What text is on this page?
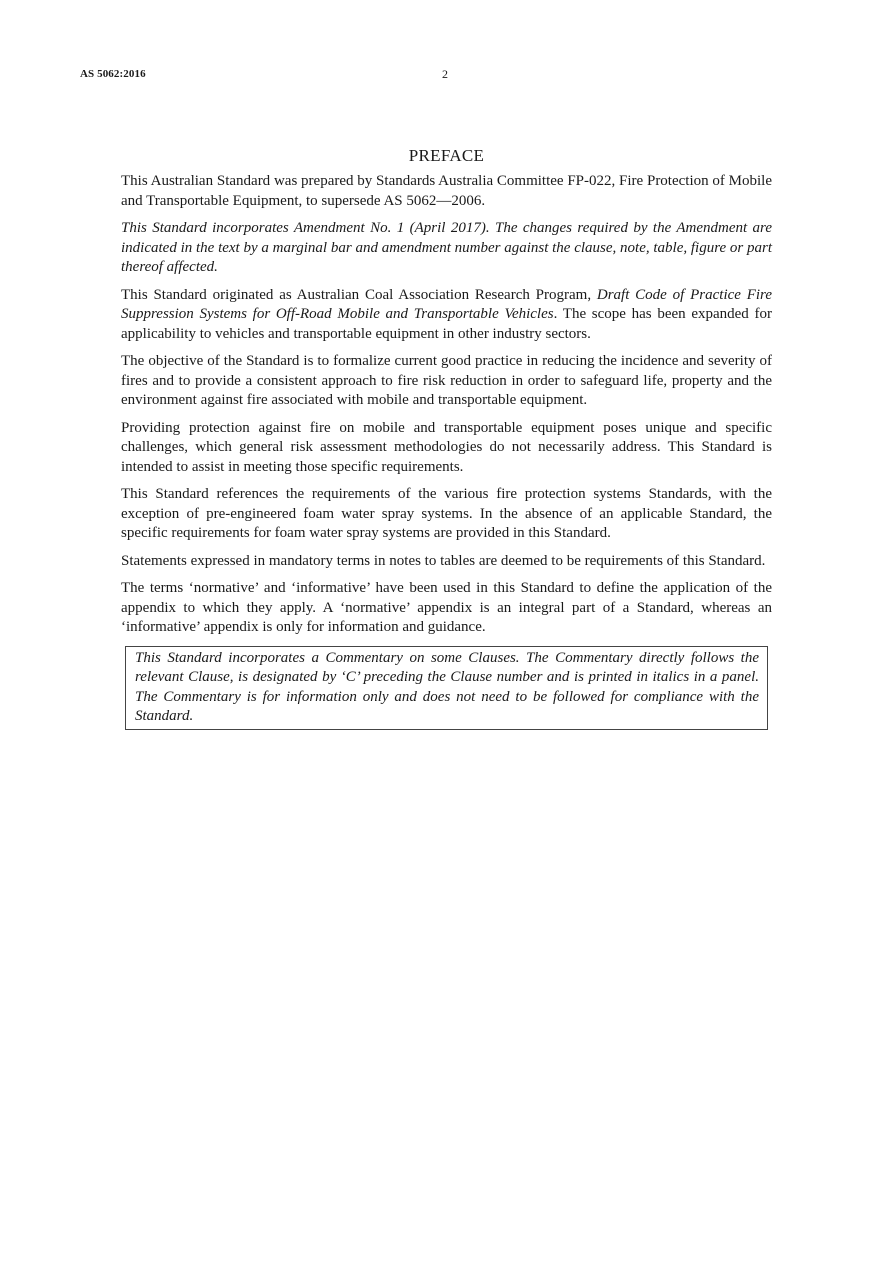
AS 5062:2016	2
PREFACE

This Australian Standard was prepared by Standards Australia Committee FP-022, Fire Protection of Mobile and Transportable Equipment, to supersede AS 5062—2006.

This Standard incorporates Amendment No. 1 (April 2017). The changes required by the Amendment are indicated in the text by a marginal bar and amendment number against the clause, note, table, figure or part thereof affected.

This Standard originated as Australian Coal Association Research Program, Draft Code of Practice Fire Suppression Systems for Off-Road Mobile and Transportable Vehicles. The scope has been expanded for applicability to vehicles and transportable equipment in other industry sectors.

The objective of the Standard is to formalize current good practice in reducing the incidence and severity of fires and to provide a consistent approach to fire risk reduction in order to safeguard life, property and the environment against fire associated with mobile and transportable equipment.

Providing protection against fire on mobile and transportable equipment poses unique and specific challenges, which general risk assessment methodologies do not necessarily address. This Standard is intended to assist in meeting those specific requirements.

This Standard references the requirements of the various fire protection systems Standards, with the exception of pre-engineered foam water spray systems. In the absence of an applicable Standard, the specific requirements for foam water spray systems are provided in this Standard.

Statements expressed in mandatory terms in notes to tables are deemed to be requirements of this Standard.

The terms ‘normative’ and ‘informative’ have been used in this Standard to define the application of the appendix to which they apply. A ‘normative’ appendix is an integral part of a Standard, whereas an ‘informative’ appendix is only for information and guidance.

This Standard incorporates a Commentary on some Clauses. The Commentary directly follows the relevant Clause, is designated by ‘C’ preceding the Clause number and is printed in italics in a panel. The Commentary is for information only and does not need to be followed for compliance with the Standard.
